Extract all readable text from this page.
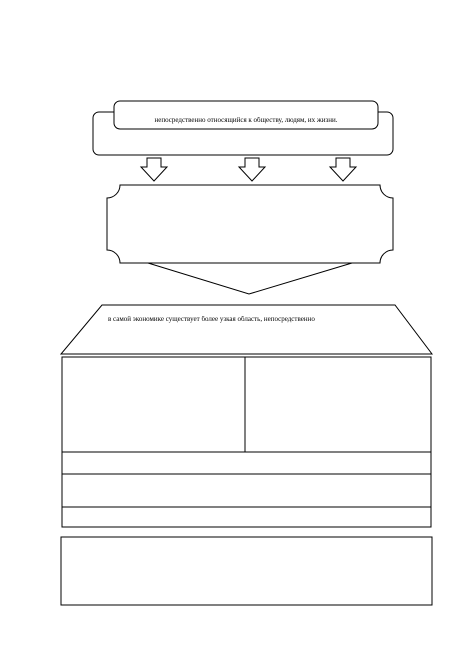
непосредственно относящийся к обществу, людям, их жизни.
в самой экономике существует более узкая область, непосредственно
